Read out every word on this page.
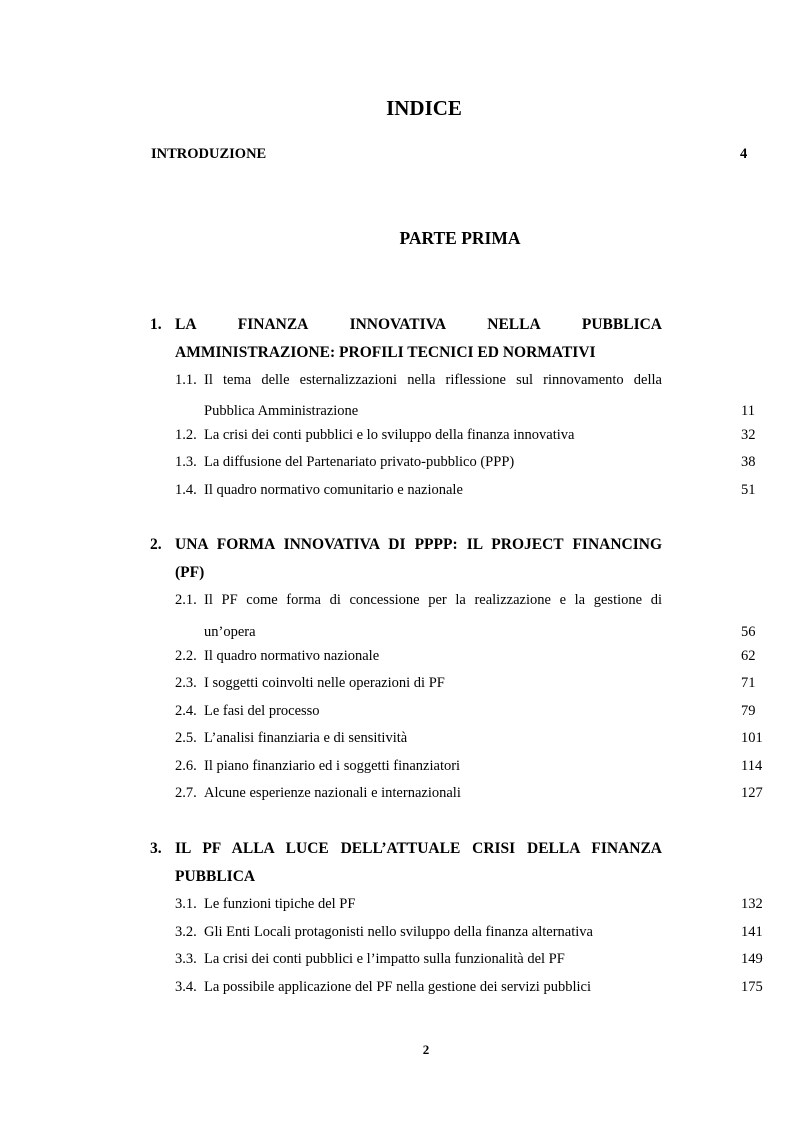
INDICE
INTRODUZIONE	4
PARTE PRIMA
1. LA FINANZA INNOVATIVA NELLA PUBBLICA
AMMINISTRAZIONE: PROFILI TECNICI ED NORMATIVI
1.1. Il tema delle esternalizzazioni nella riflessione sul rinnovamento della
Pubblica Amministrazione	11
1.2. La crisi dei conti pubblici e lo sviluppo della finanza innovativa	32
1.3. La diffusione del Partenariato privato-pubblico (PPP)	38
1.4. Il quadro normativo comunitario e nazionale	51
2. UNA FORMA INNOVATIVA DI PPPP: IL PROJECT FINANCING
(PF)
2.1. Il PF come forma di concessione per la realizzazione e la gestione di
un’opera	56
2.2. Il quadro normativo nazionale	62
2.3. I soggetti coinvolti nelle operazioni di PF	71
2.4. Le fasi del processo	79
2.5. L’analisi finanziaria e di sensitività	101
2.6. Il piano finanziario ed i soggetti finanziatori	114
2.7. Alcune esperienze nazionali e internazionali	127
3. IL PF ALLA LUCE DELL’ATTUALE CRISI DELLA FINANZA
PUBBLICA
3.1. Le funzioni tipiche del PF	132
3.2. Gli Enti Locali protagonisti nello sviluppo della finanza alternativa	141
3.3. La crisi dei conti pubblici e l’impatto sulla funzionalità del PF	149
3.4. La possibile applicazione del PF nella gestione dei servizi pubblici	175
2
